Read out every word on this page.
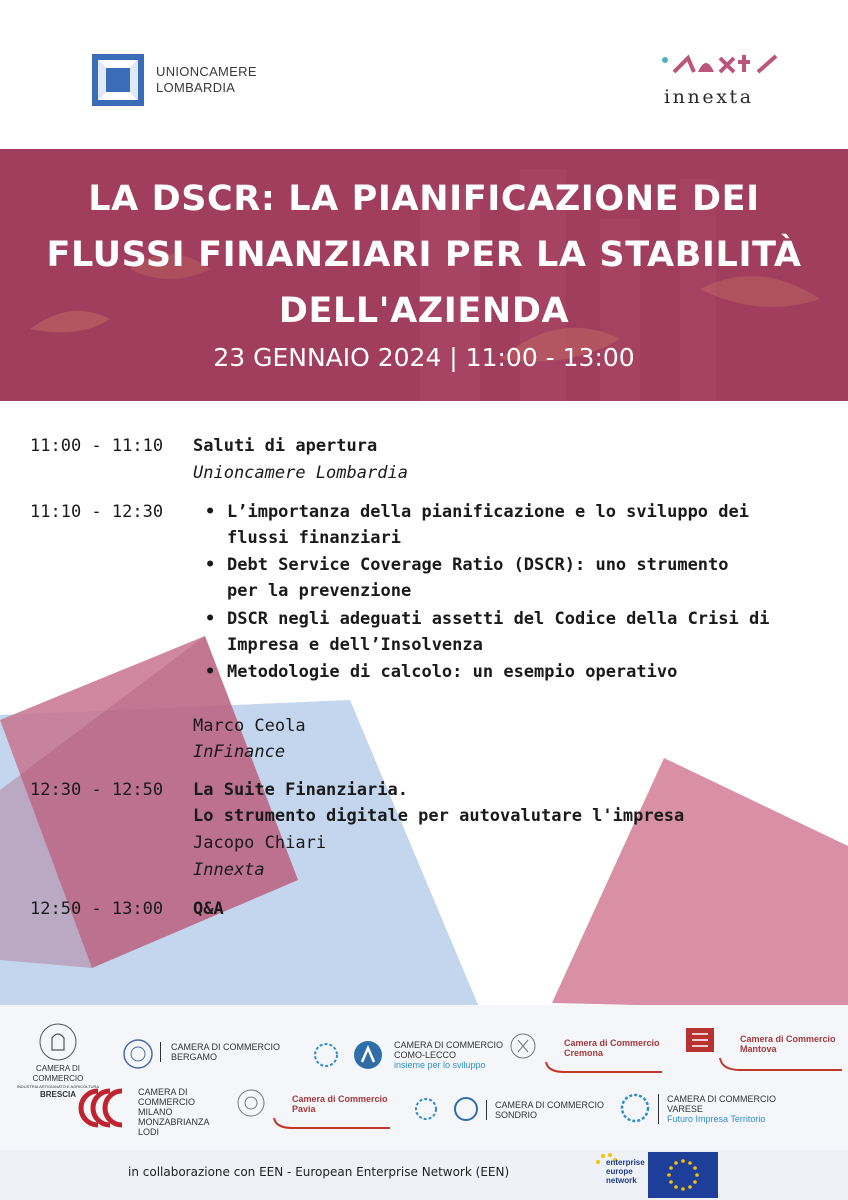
UNIONCAMERE
LOMBARDIA	innexta
LA DSCR: LA PIANIFICAZIONE DEI
FLUSSI FINANZIARI PER LA STABILITÀ
DELL'AZIENDA
23 GENNAIO 2024 | 11:00 - 13:00
11:00 - 11:10 Saluti di apertura
Unioncamere Lombardia
11:10 - 12:30 • L’importanza della pianificazione e lo sviluppo dei
flussi finanziari
• Debt Service Coverage Ratio (DSCR): uno strumento
per la prevenzione
• DSCR negli adeguati assetti del Codice della Crisi di
Impresa e dell’Insolvenza
• Metodologie di calcolo: un esempio operativo
Marco Ceola
InFinance
12:30 - 12:50 La Suite Finanziaria.
Lo strumento digitale per autovalutare l'impresa
Jacopo Chiari
Innexta
12:50 - 13:00 Q&A
CAMERA DI COMMERCIO
INDUSTRIA ARTIGIANATO E AGRICOLTURA
BRESCIA
CAMERA DI COMMERCIO
BERGAMO
CAMERA DI COMMERCIO
COMO-LECCO
insieme per lo sviluppo
Camera di Commercio
Cremona
Camera di Commercio
Mantova
CAMERA DI
COMMERCIO
MILANO
MONZABRIANZA
LODI
Camera di Commercio
Pavia	CAMERA DI COMMERCIO
SONDRIO
CAMERA DI COMMERCIO
VARESE
Futuro Impresa Territorio
in collaborazione con EEN - European Enterprise Network (EEN)
enterprise
europe
network
